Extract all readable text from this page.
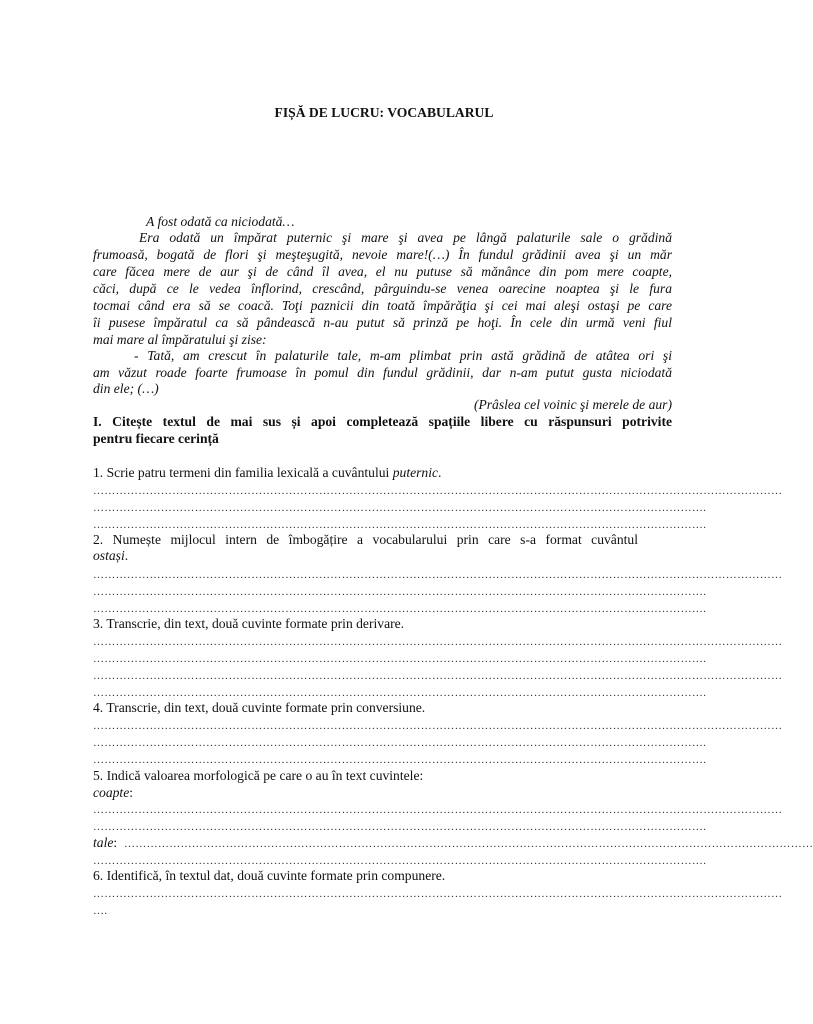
FIȘĂ DE LUCRU: VOCABULARUL
A fost odată ca niciodată…
Era odată un împărat puternic şi mare şi avea pe lângă palaturile sale o grădină
frumoasă, bogată de flori şi meşteşugită, nevoie mare!(…) În fundul grădinii avea şi un măr
care făcea mere de aur şi de când îl avea, el nu putuse să mănânce din pom mere coapte,
căci, după ce le vedea înflorind, crescând, pârguindu-se venea oarecine noaptea şi le fura
tocmai când era să se coacă. Toţi paznicii din toată împărăţia şi cei mai aleşi ostaşi pe care
îi pusese împăratul ca să pândească n-au putut să prinză pe hoţi. În cele din urmă veni fiul
mai mare al împăratului şi zise:
- Tată, am crescut în palaturile tale, m-am plimbat prin astă grădină de atâtea ori şi
am văzut roade foarte frumoase în pomul din fundul grădinii, dar n-am putut gusta niciodată
din ele; (…)
(Prâslea cel voinic şi merele de aur)
I. Citește textul de mai sus și apoi completează spațiile libere cu răspunsuri potrivite
pentru fiecare cerință
1. Scrie patru termeni din familia lexicală a cuvântului puternic.
…………………………………………………………………………………………………………………………………………………………………
……………………………………………………………………………………………………………………………………………….
……………………………………………………………………………………………………………………………………………….
2. Numește mijlocul intern de îmbogățire a vocabularului prin care s-a format cuvântul
ostași.
…………………………………………………………………………………………………………………………………………………………………
……………………………………………………………………………………………………………………………………………….
……………………………………………………………………………………………………………………………………………….
3. Transcrie, din text, două cuvinte formate prin derivare.
…………………………………………………………………………………………………………………………………………………………………
……………………………………………………………………………………………………………………………………………….
…………………………………………………………………………………………………………………………………………………………………
……………………………………………………………………………………………………………………………………………….
4. Transcrie, din text, două cuvinte formate prin conversiune.
…………………………………………………………………………………………………………………………………………………………………
……………………………………………………………………………………………………………………………………………….
……………………………………………………………………………………………………………………………………………….
5. Indică valoarea morfologică pe care o au în text cuvintele:
coapte:
…………………………………………………………………………………………………………………………………………………………………
……………………………………………………………………………………………………………………………………………….
tale: …………………………………………………………………………………………………………………………………………………………………
……………………………………………………………………………………………………………………………………………….
6. Identifică, în textul dat, două cuvinte formate prin compunere.
…………………………………………………………………………………………………………………………………………………………………
….
